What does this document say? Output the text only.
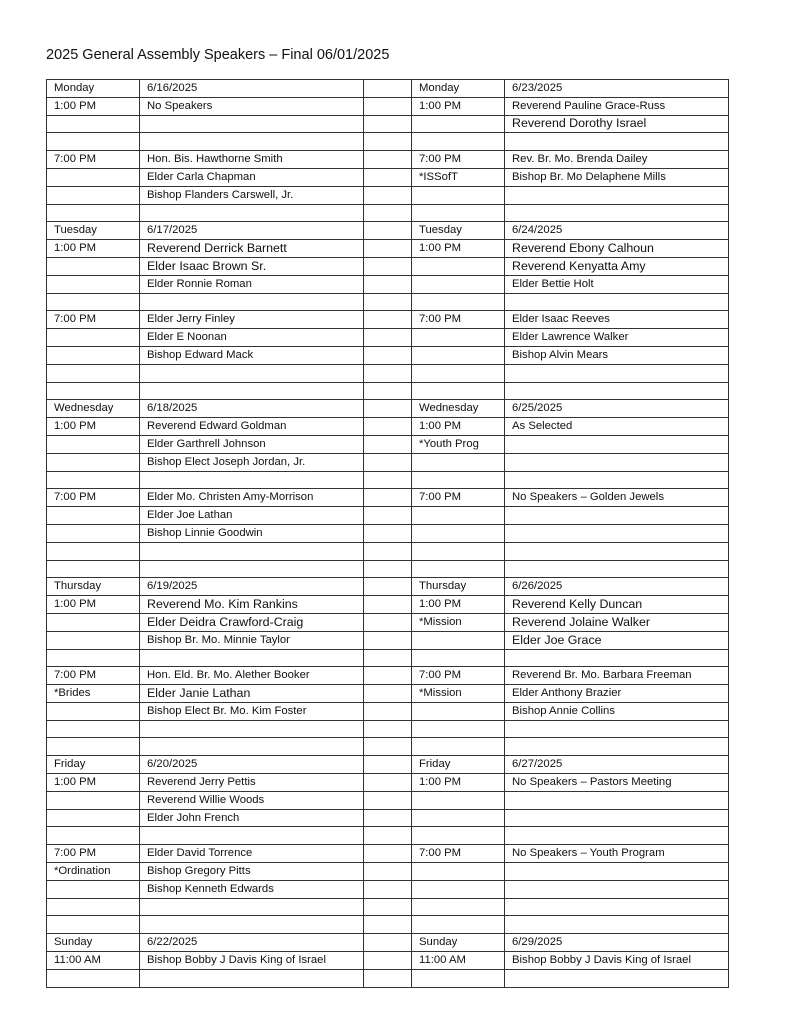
2025 General Assembly Speakers – Final 06/01/2025
Monday	6/16/2025		Monday	6/23/2025
1:00 PM	No Speakers		1:00 PM	Reverend Pauline Grace-Russ
				Reverend Dorothy Israel

7:00 PM	Hon. Bis. Hawthorne Smith		7:00 PM	Rev. Br. Mo. Brenda Dailey
	Elder Carla Chapman		*ISSofT	Bishop Br. Mo Delaphene Mills
	Bishop Flanders Carswell, Jr.			

Tuesday	6/17/2025		Tuesday	6/24/2025
1:00 PM	Reverend Derrick Barnett		1:00 PM	Reverend Ebony Calhoun
	Elder Isaac Brown Sr.			Reverend Kenyatta Amy
	Elder Ronnie Roman			Elder Bettie Holt

7:00 PM	Elder Jerry Finley		7:00 PM	Elder Isaac Reeves
	Elder E Noonan			Elder Lawrence Walker
	Bishop Edward Mack			Bishop Alvin Mears

Wednesday	6/18/2025		Wednesday	6/25/2025
1:00 PM	Reverend Edward Goldman		1:00 PM	As Selected
	Elder Garthrell Johnson		*Youth Prog	
	Bishop Elect Joseph Jordan, Jr.			

7:00 PM	Elder Mo. Christen Amy-Morrison		7:00 PM	No Speakers – Golden Jewels
	Elder Joe Lathan			
	Bishop Linnie Goodwin			

Thursday	6/19/2025		Thursday	6/26/2025
1:00 PM	Reverend Mo. Kim Rankins		1:00 PM	Reverend Kelly Duncan
	Elder Deidra Crawford-Craig		*Mission	Reverend Jolaine Walker
	Bishop Br. Mo. Minnie Taylor			Elder Joe Grace

7:00 PM	Hon. Eld. Br. Mo. Alether Booker		7:00 PM	Reverend Br. Mo. Barbara Freeman
*Brides	Elder Janie Lathan		*Mission	Elder Anthony Brazier
	Bishop Elect Br. Mo. Kim Foster			Bishop Annie Collins

Friday	6/20/2025		Friday	6/27/2025
1:00 PM	Reverend Jerry Pettis		1:00 PM	No Speakers – Pastors Meeting
	Reverend Willie Woods			
	Elder John French			

7:00 PM	Elder David Torrence		7:00 PM	No Speakers – Youth Program
*Ordination	Bishop Gregory Pitts			
	Bishop Kenneth Edwards			

Sunday	6/22/2025		Sunday	6/29/2025
11:00 AM	Bishop Bobby J Davis King of Israel		11:00 AM	Bishop Bobby J Davis King of Israel
